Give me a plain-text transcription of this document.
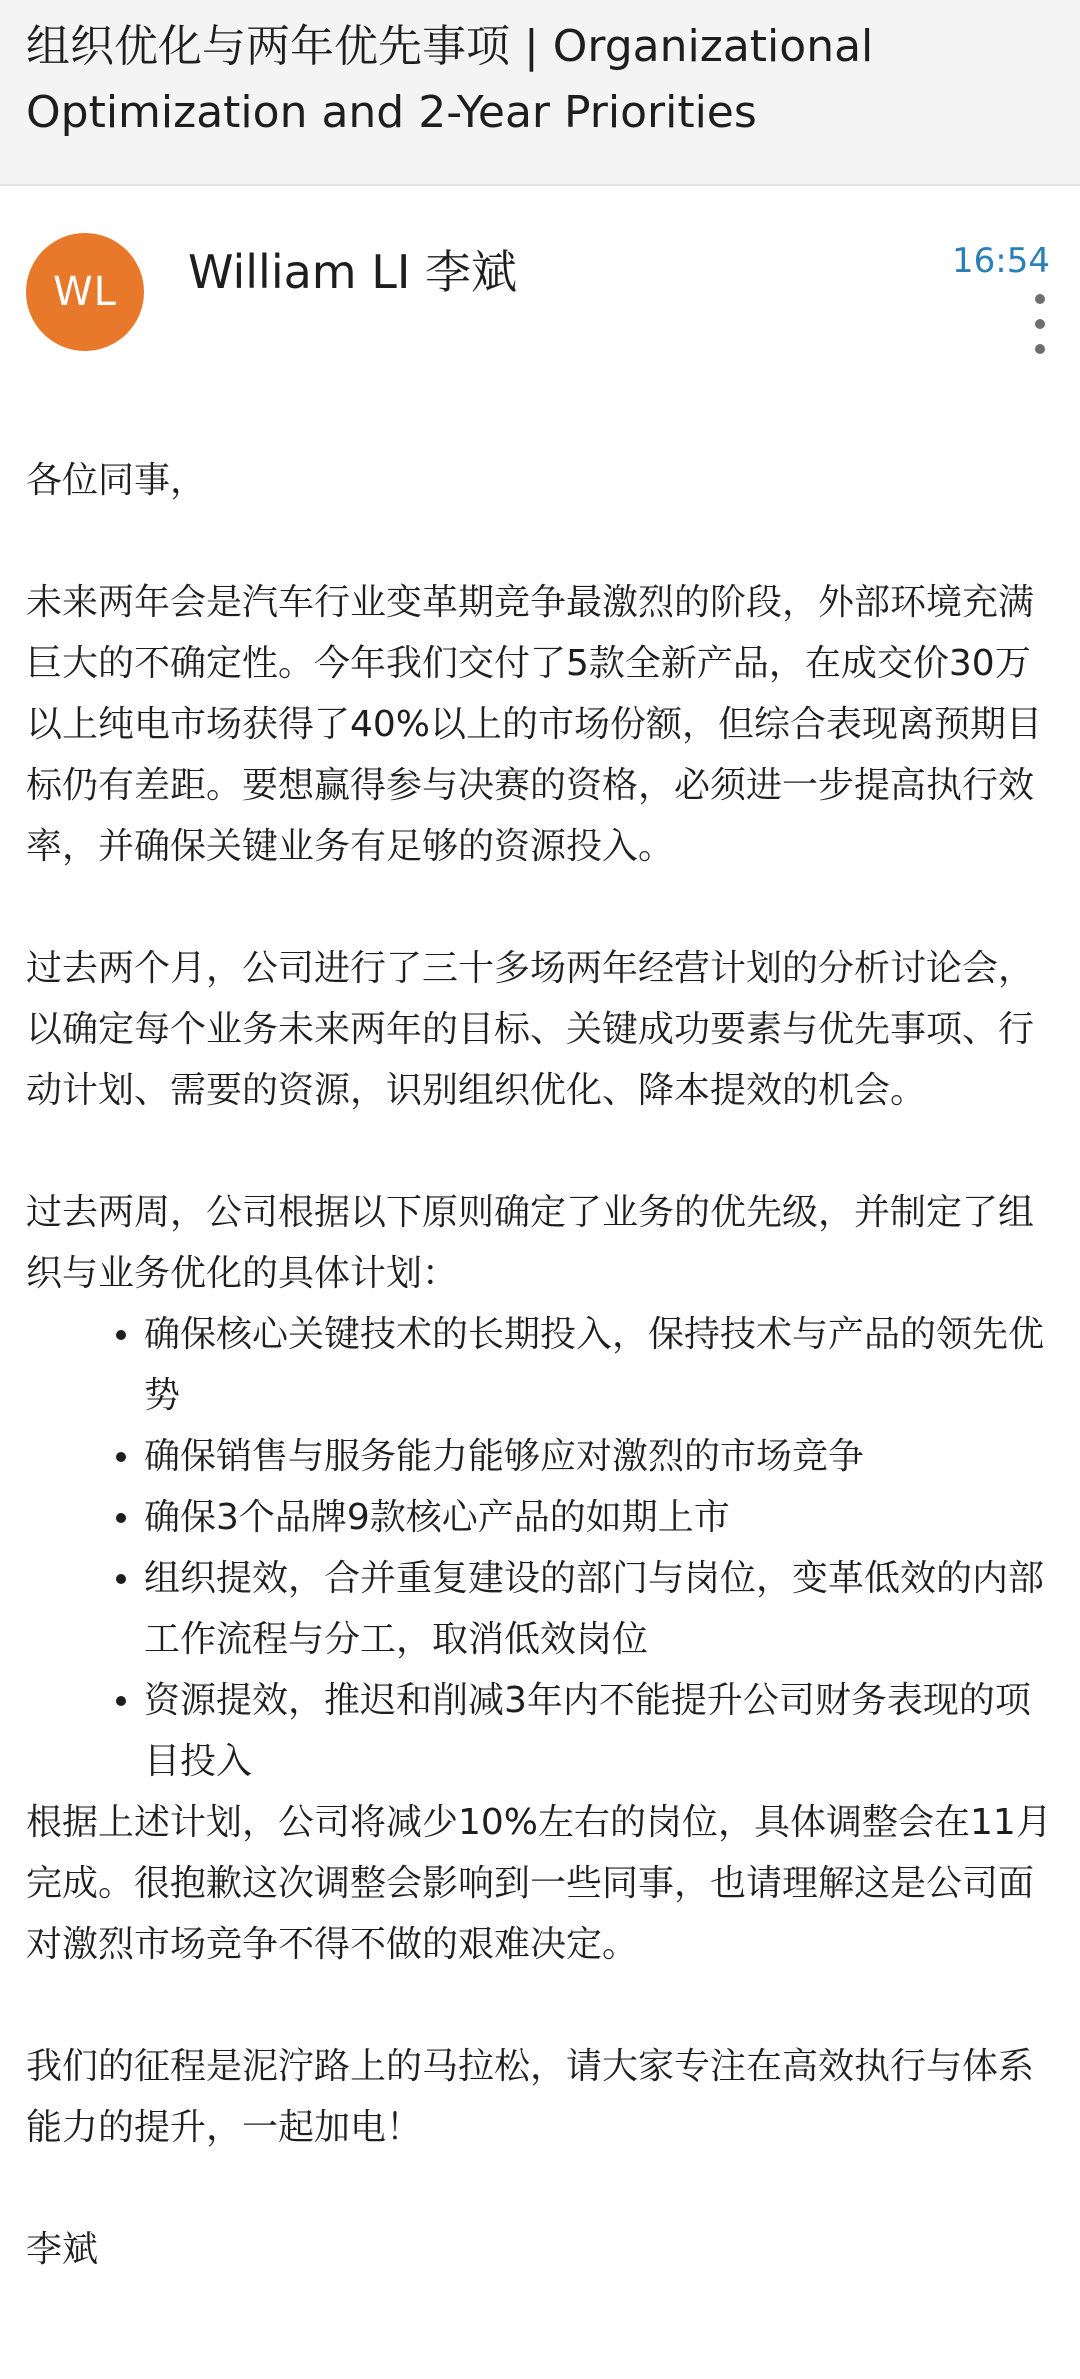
组织优化与两年优先事项 | Organizational Optimization and 2-Year Priorities
WL William LI 李斌	16:54

各位同事，

未来两年会是汽车行业变革期竞争最激烈的阶段，外部环境充满巨大的不确定性。今年我们交付了5款全新产品，在成交价30万以上纯电市场获得了40%以上的市场份额，但综合表现离预期目标仍有差距。要想赢得参与决赛的资格，必须进一步提高执行效率，并确保关键业务有足够的资源投入。

过去两个月，公司进行了三十多场两年经营计划的分析讨论会，以确定每个业务未来两年的目标、关键成功要素与优先事项、行动计划、需要的资源，识别组织优化、降本提效的机会。

过去两周，公司根据以下原则确定了业务的优先级，并制定了组织与业务优化的具体计划：

确保核心关键技术的长期投入，保持技术与产品的领先优势
确保销售与服务能力能够应对激烈的市场竞争
确保3个品牌9款核心产品的如期上市
组织提效，合并重复建设的部门与岗位，变革低效的内部工作流程与分工，取消低效岗位
资源提效，推迟和削减3年内不能提升公司财务表现的项目投入

根据上述计划，公司将减少10%左右的岗位，具体调整会在11月完成。很抱歉这次调整会影响到一些同事，也请理解这是公司面对激烈市场竞争不得不做的艰难决定。

我们的征程是泥泞路上的马拉松，请大家专注在高效执行与体系能力的提升，一起加电！

李斌
